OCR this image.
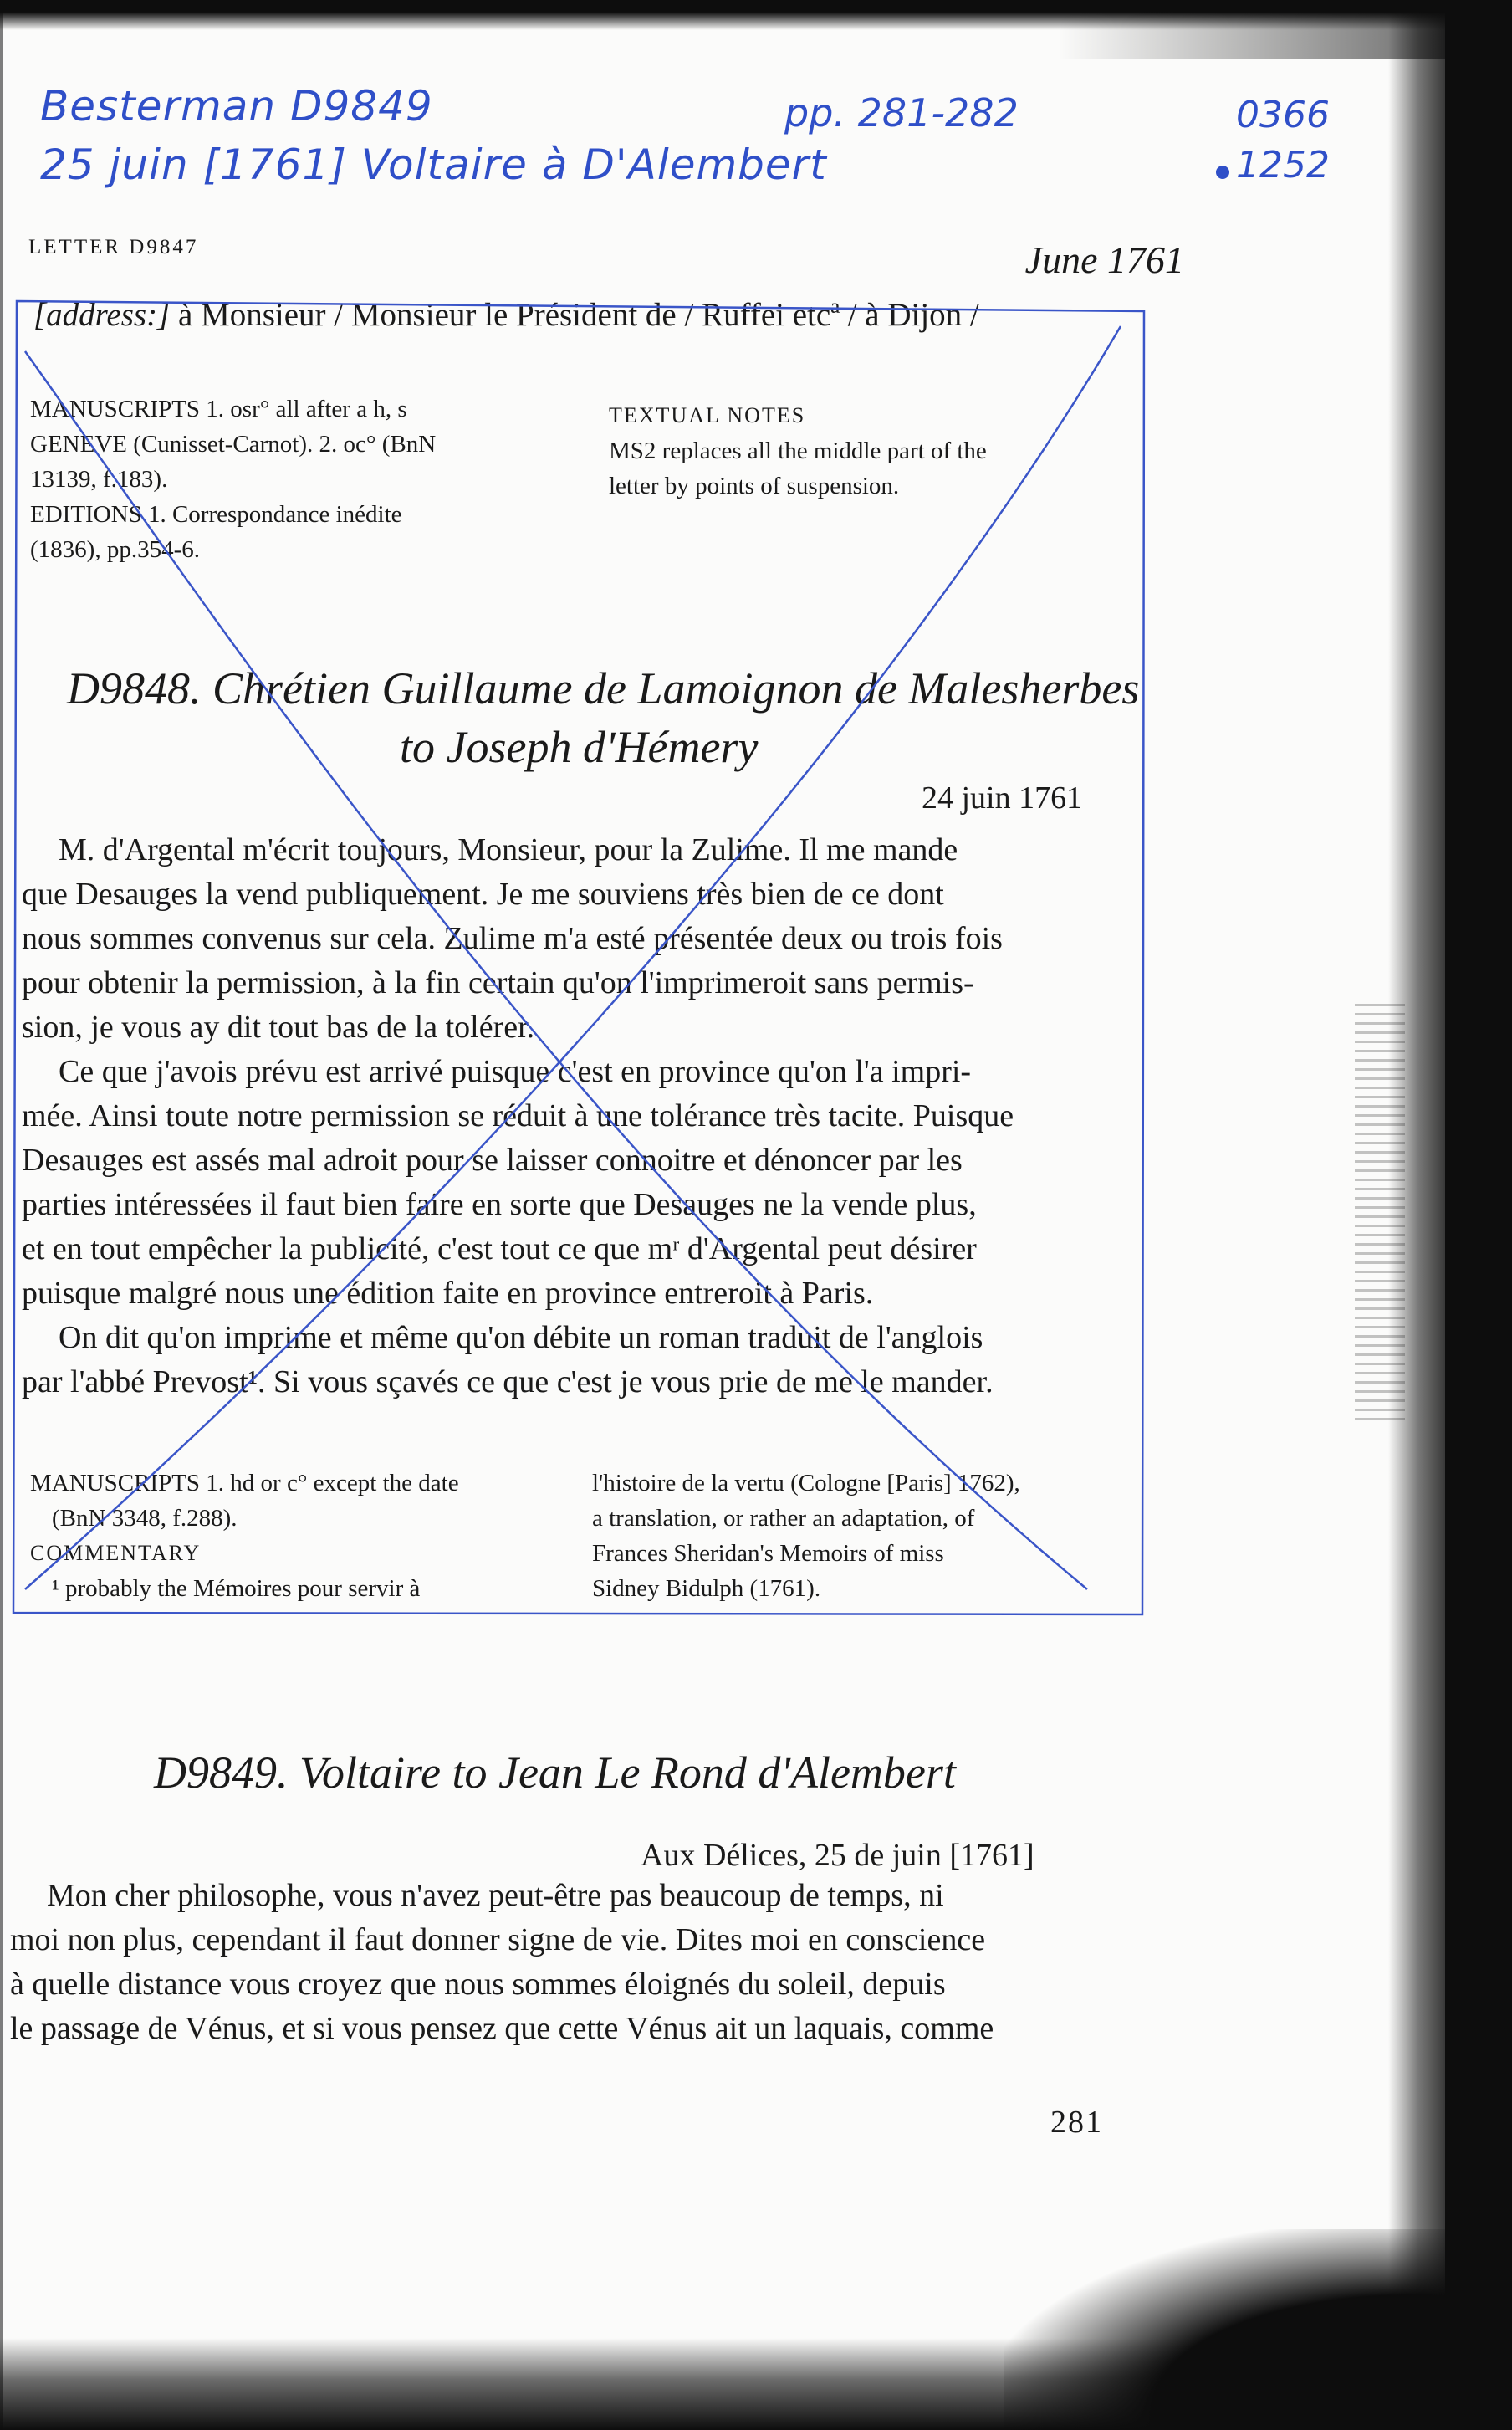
Besterman D9849
25 juin [1761] Voltaire à D'Alembert
pp. 281-282	0366
1252
LETTER D9847	June 1761
[address:] à Monsieur / Monsieur le Président de / Ruffei etcª / à Dijon /
MANUSCRIPTS 1. osr° all after a h, s
GENEVE (Cunisset-Carnot). 2. oc° (BnN
13139, f.183).
EDITIONS 1. Correspondance inédite
(1836), pp.354-6.
TEXTUAL NOTES
MS2 replaces all the middle part of the
letter by points of suspension.
D9848. Chrétien Guillaume de Lamoignon de Malesherbes
to Joseph d'Hémery
24 juin 1761
M. d'Argental m'écrit toujours, Monsieur, pour la Zulime. Il me mande
que Desauges la vend publiquement. Je me souviens très bien de ce dont
nous sommes convenus sur cela. Zulime m'a esté présentée deux ou trois fois
pour obtenir la permission, à la fin certain qu'on l'imprimeroit sans permis-
sion, je vous ay dit tout bas de la tolérer.
Ce que j'avois prévu est arrivé puisque c'est en province qu'on l'a impri-
mée. Ainsi toute notre permission se réduit à une tolérance très tacite. Puisque
Desauges est assés mal adroit pour se laisser connoitre et dénoncer par les
parties intéressées il faut bien faire en sorte que Desauges ne la vende plus,
et en tout empêcher la publicité, c'est tout ce que mʳ d'Argental peut désirer
puisque malgré nous une édition faite en province entreroit à Paris.
On dit qu'on imprime et même qu'on débite un roman traduit de l'anglois
par l'abbé Prevost¹. Si vous sçavés ce que c'est je vous prie de me le mander.
MANUSCRIPTS 1. hd or c° except the date
(BnN 3348, f.288).
COMMENTARY
¹ probably the Mémoires pour servir à
l'histoire de la vertu (Cologne [Paris] 1762),
a translation, or rather an adaptation, of
Frances Sheridan's Memoirs of miss
Sidney Bidulph (1761).
D9849. Voltaire to Jean Le Rond d'Alembert
Aux Délices, 25 de juin [1761]
Mon cher philosophe, vous n'avez peut-être pas beaucoup de temps, ni
moi non plus, cependant il faut donner signe de vie. Dites moi en conscience
à quelle distance vous croyez que nous sommes éloignés du soleil, depuis
le passage de Vénus, et si vous pensez que cette Vénus ait un laquais, comme
281
